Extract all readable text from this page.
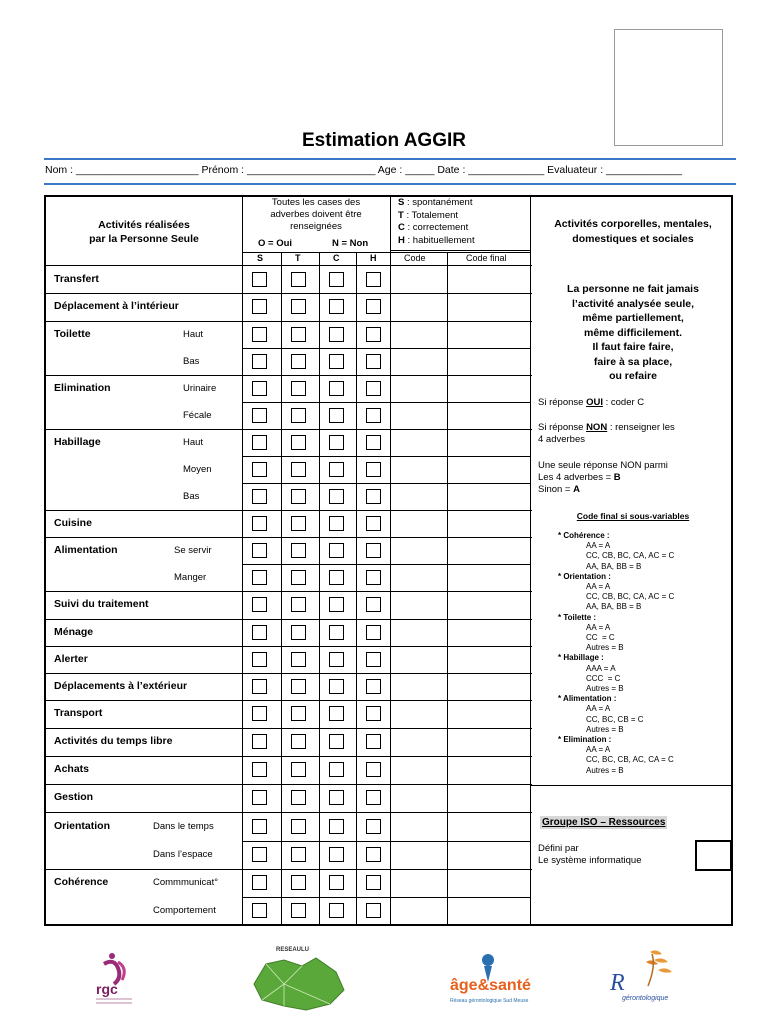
Estimation AGGIR
Nom : _____________________ Prénom : ______________________ Age : _____ Date : _____________ Evaluateur : _____________
Activités réalisées
par la Personne Seule
Toutes les cases des
adverbes doivent être
renseignées
O = Oui	N = Non
S : spontanément
T : Totalement
C : correctement
H : habituellement
S	T	C	H	Code	Code final
Activités corporelles, mentales,
domestiques et sociales
Transfert
Déplacement à l’intérieur
Toilette	Haut
Bas
Elimination	Urinaire
Fécale
Habillage	Haut
Moyen
Bas
Cuisine
Alimentation	Se servir
Manger
Suivi du traitement
Ménage
Alerter
Déplacements à l’extérieur
Transport
Activités du temps libre
Achats
Gestion
Orientation	Dans le temps
Dans l’espace
Cohérence	Commmunicat°
Comportement
La personne ne fait jamais
l’activité analysée seule,
même partiellement,
même difficilement.
Il faut faire faire,
faire à sa place,
ou refaire
Si réponse OUI : coder C
Si réponse NON : renseigner les
4 adverbes
Une seule réponse NON parmi
Les 4 adverbes = B
Sinon = A
Code final si sous-variables
* Cohérence :
AA = A
CC, CB, BC, CA, AC = C
AA, BA, BB = B
* Orientation :
AA = A
CC, CB, BC, CA, AC = C
AA, BA, BB = B
* Toilette :
AA = A
CC  = C
Autres = B
* Habillage :
AAA = A
CCC  = C
Autres = B
* Alimentation :
AA = A
CC, BC, CB = C
Autres = B
* Elimination :
AA = A
CC, BC, CB, AC, CA = C
Autres = B
Groupe ISO – Ressources
Défini par
Le système informatique
rgc
RESEAULU
âge&santé
Réseau gérontologique Sud Meuse
R
gérontologique
